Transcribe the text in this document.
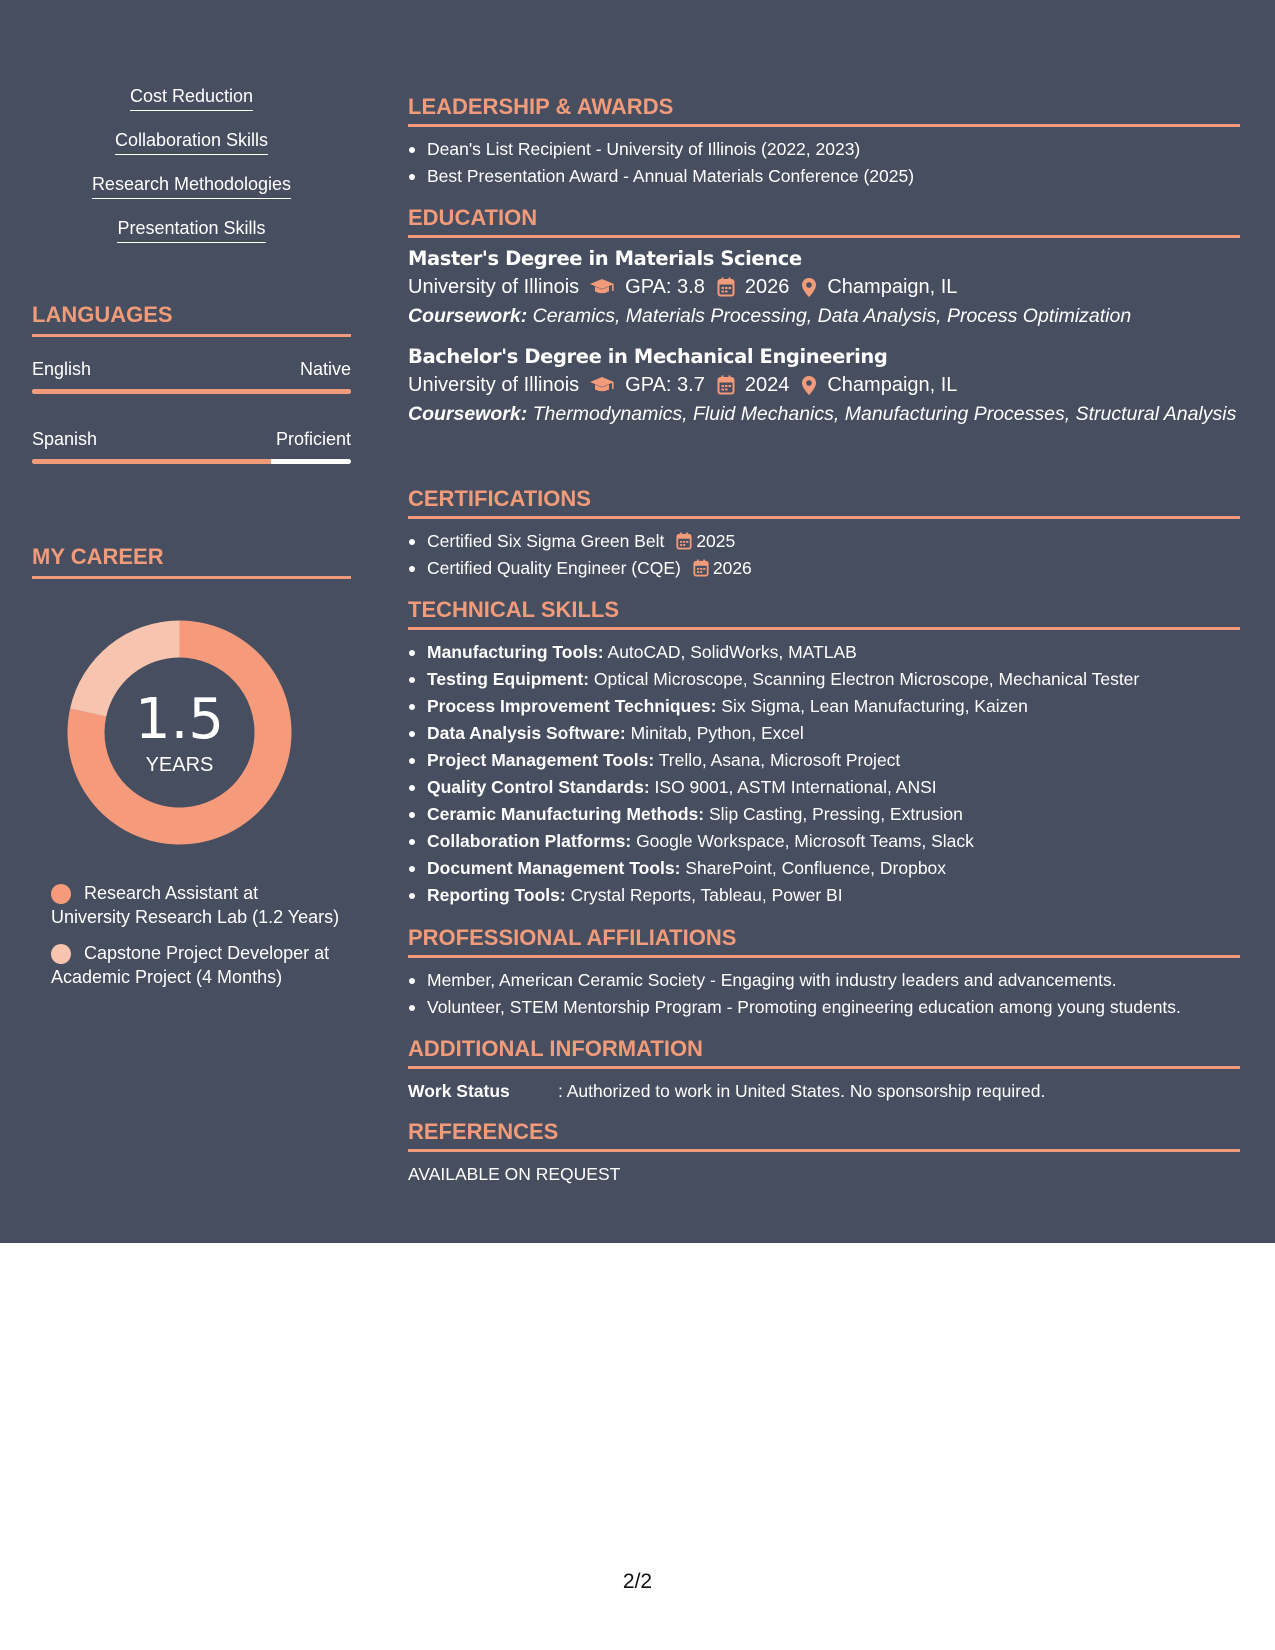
Cost Reduction
Collaboration Skills
Research Methodologies
Presentation Skills
LANGUAGES
English	Native
Spanish	Proficient
MY CAREER
1.5
YEARS
Research Assistant at University Research Lab (1.2 Years)
Capstone Project Developer at Academic Project (4 Months)
LEADERSHIP & AWARDS
Dean's List Recipient - University of Illinois (2022, 2023)
Best Presentation Award - Annual Materials Conference (2025)
EDUCATION
Master's Degree in Materials Science
University of Illinois GPA: 3.8 2026 Champaign, IL
Coursework: Ceramics, Materials Processing, Data Analysis, Process Optimization
Bachelor's Degree in Mechanical Engineering
University of Illinois GPA: 3.7 2024 Champaign, IL
Coursework: Thermodynamics, Fluid Mechanics, Manufacturing Processes, Structural Analysis
CERTIFICATIONS
Certified Six Sigma Green Belt 2025
Certified Quality Engineer (CQE) 2026
TECHNICAL SKILLS
Manufacturing Tools: AutoCAD, SolidWorks, MATLAB
Testing Equipment: Optical Microscope, Scanning Electron Microscope, Mechanical Tester
Process Improvement Techniques: Six Sigma, Lean Manufacturing, Kaizen
Data Analysis Software: Minitab, Python, Excel
Project Management Tools: Trello, Asana, Microsoft Project
Quality Control Standards: ISO 9001, ASTM International, ANSI
Ceramic Manufacturing Methods: Slip Casting, Pressing, Extrusion
Collaboration Platforms: Google Workspace, Microsoft Teams, Slack
Document Management Tools: SharePoint, Confluence, Dropbox
Reporting Tools: Crystal Reports, Tableau, Power BI
PROFESSIONAL AFFILIATIONS
Member, American Ceramic Society - Engaging with industry leaders and advancements.
Volunteer, STEM Mentorship Program - Promoting engineering education among young students.
ADDITIONAL INFORMATION
Work Status	: Authorized to work in United States. No sponsorship required.
REFERENCES
AVAILABLE ON REQUEST
2/2
